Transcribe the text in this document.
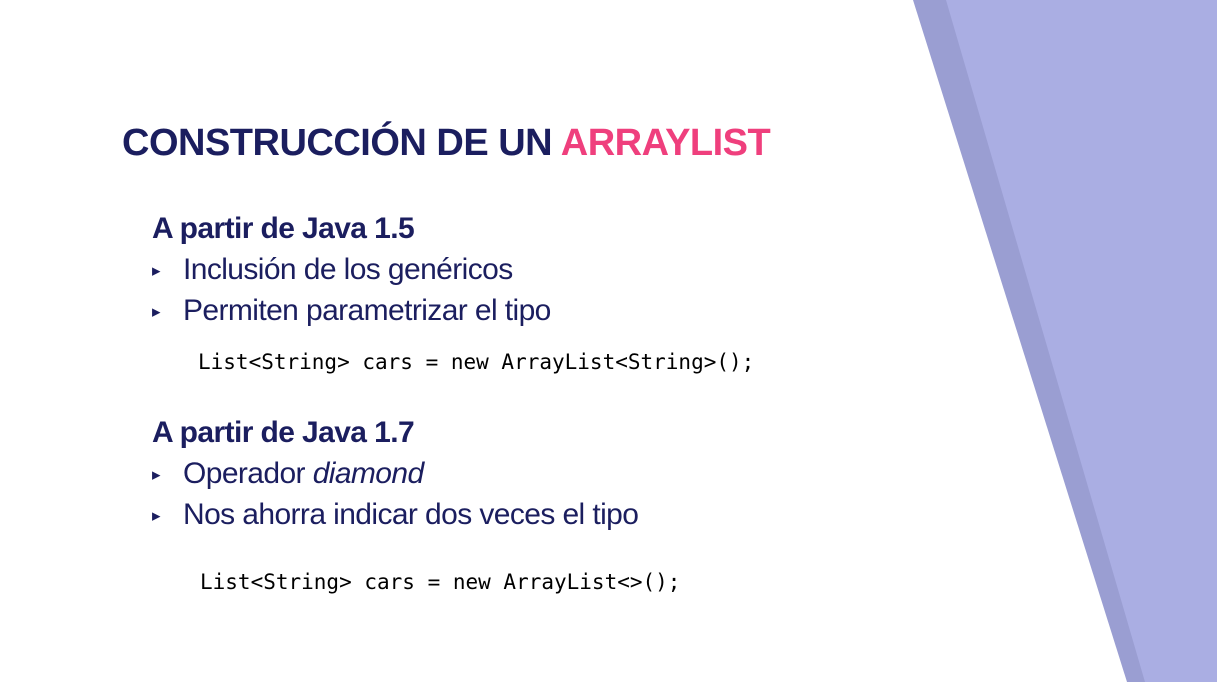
CONSTRUCCIÓN DE UN ARRAYLIST
A partir de Java 1.5
▸ Inclusión de los genéricos
▸ Permiten parametrizar el tipo
List<String> cars = new ArrayList<String>();
A partir de Java 1.7
▸ Operador diamond
▸ Nos ahorra indicar dos veces el tipo
List<String> cars = new ArrayList<>();
